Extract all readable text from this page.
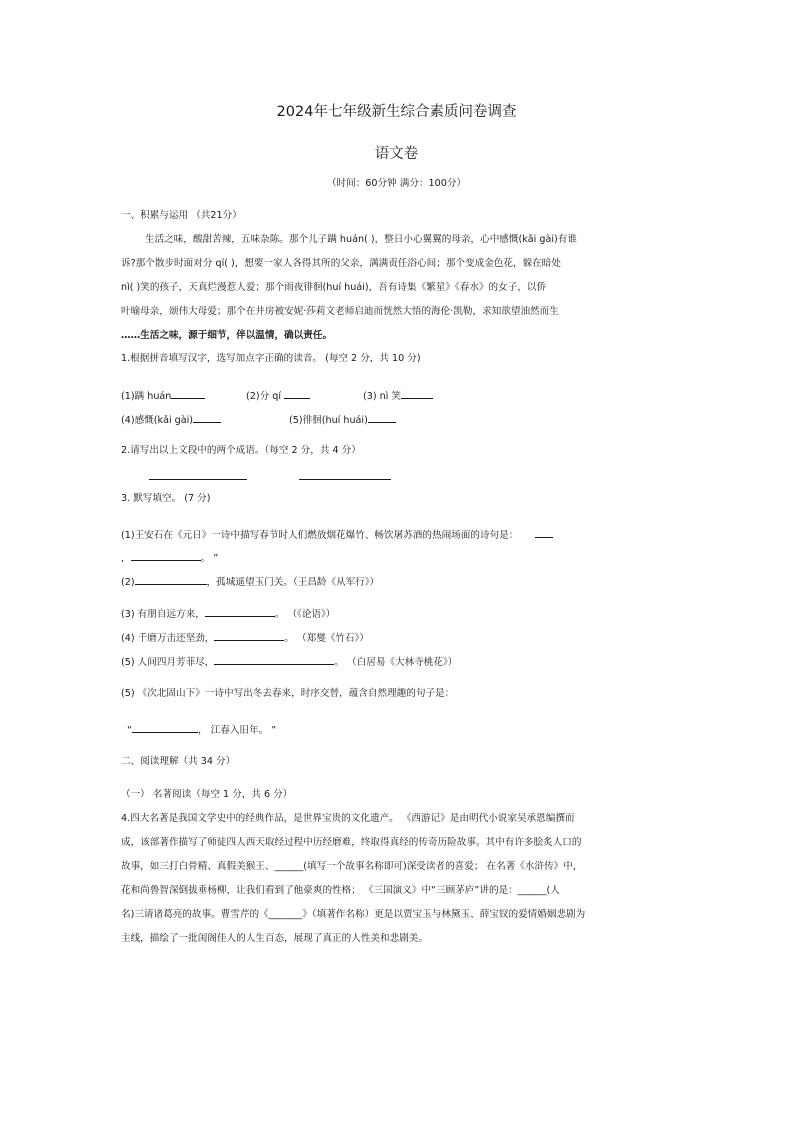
2024年七年级新生综合素质问卷调查
语文卷
（时间：60分钟 满分：100分）
一、积累与运用 （共21分）
生活之味，酸甜苦辣，五味杂陈。那个儿子蹒 huán( )，整日小心翼翼的母亲，心中感慨(kǎi gài)有谁
诉?那个散步时面对分 qí( )，想要一家人各得其所的父亲，满满责任浴心间；那个变成金色花，躲在暗处
nì( )笑的孩子，天真烂漫惹人爱；那个雨夜徘徊(huí huái)，吾有诗集《繁星》《春水》的女子，以侨
叶喻母亲，颂伟大母爱；那个在井房被安妮·莎莉文老师启迪而恍然大悟的海伦·凯勒，求知欲望油然而生
……生活之味，源于细节，伴以温情，确以责任。
1.根据拼音填写汉字，选写加点字正确的读音。 (每空 2 分，共 10 分)
(1)蹒 huán	(2)分 qí	(3) nì 笑
(4)感慨(kǎi gài)	(5)徘徊(huí huái)
2.请写出以上文段中的两个成语。（每空 2 分，共 4 分）

3. 默写填空。 (7 分)
(1)王安石在《元日》一诗中描写春节时人们燃放烟花爆竹、畅饮屠苏酒的热闹场面的诗句是：
，	。 ”
(2)	，孤城遥望玉门关。（王昌龄《从军行》）
(3) 有朋自远方来，	。 （《论语》）
(4) 千磨万击还坚劲，	。 （郑燮《竹石》）
(5) 人间四月芳菲尽，	。 （白居易《大林寺桃花》）
(5) 《次北固山下》一诗中写出冬去春来，时序交替，蕴含自然理趣的句子是：
“	， 江春入旧年。 ”
二、阅读理解（共 34 分）
（一） 名著阅读（每空 1 分，共 6 分）
4.四大名著是我国文学史中的经典作品，是世界宝贵的文化遗产。 《西游记》是由明代小说家吴承恩编撰而
成，该部著作描写了师徒四人西天取经过程中历经磨难，终取得真经的传奇历险故事。其中有许多脍炙人口的
故事，如三打白骨精、真假美猴王、______(填写一个故事名称即可)深受读者的喜爱； 在名著《水浒传》中，
花和尚鲁智深倒拔垂杨柳，让我们看到了他豪爽的性格； 《三国演义》中“三顾茅庐”讲的是：______(人
名)三请诸葛亮的故事。曹雪芹的《_______》（填著作名称）更是以贾宝玉与林黛玉、薛宝钗的爱情婚姻悲剧为
主线，描绘了一批闺阁佳人的人生百态，展现了真正的人性美和悲剧美。
